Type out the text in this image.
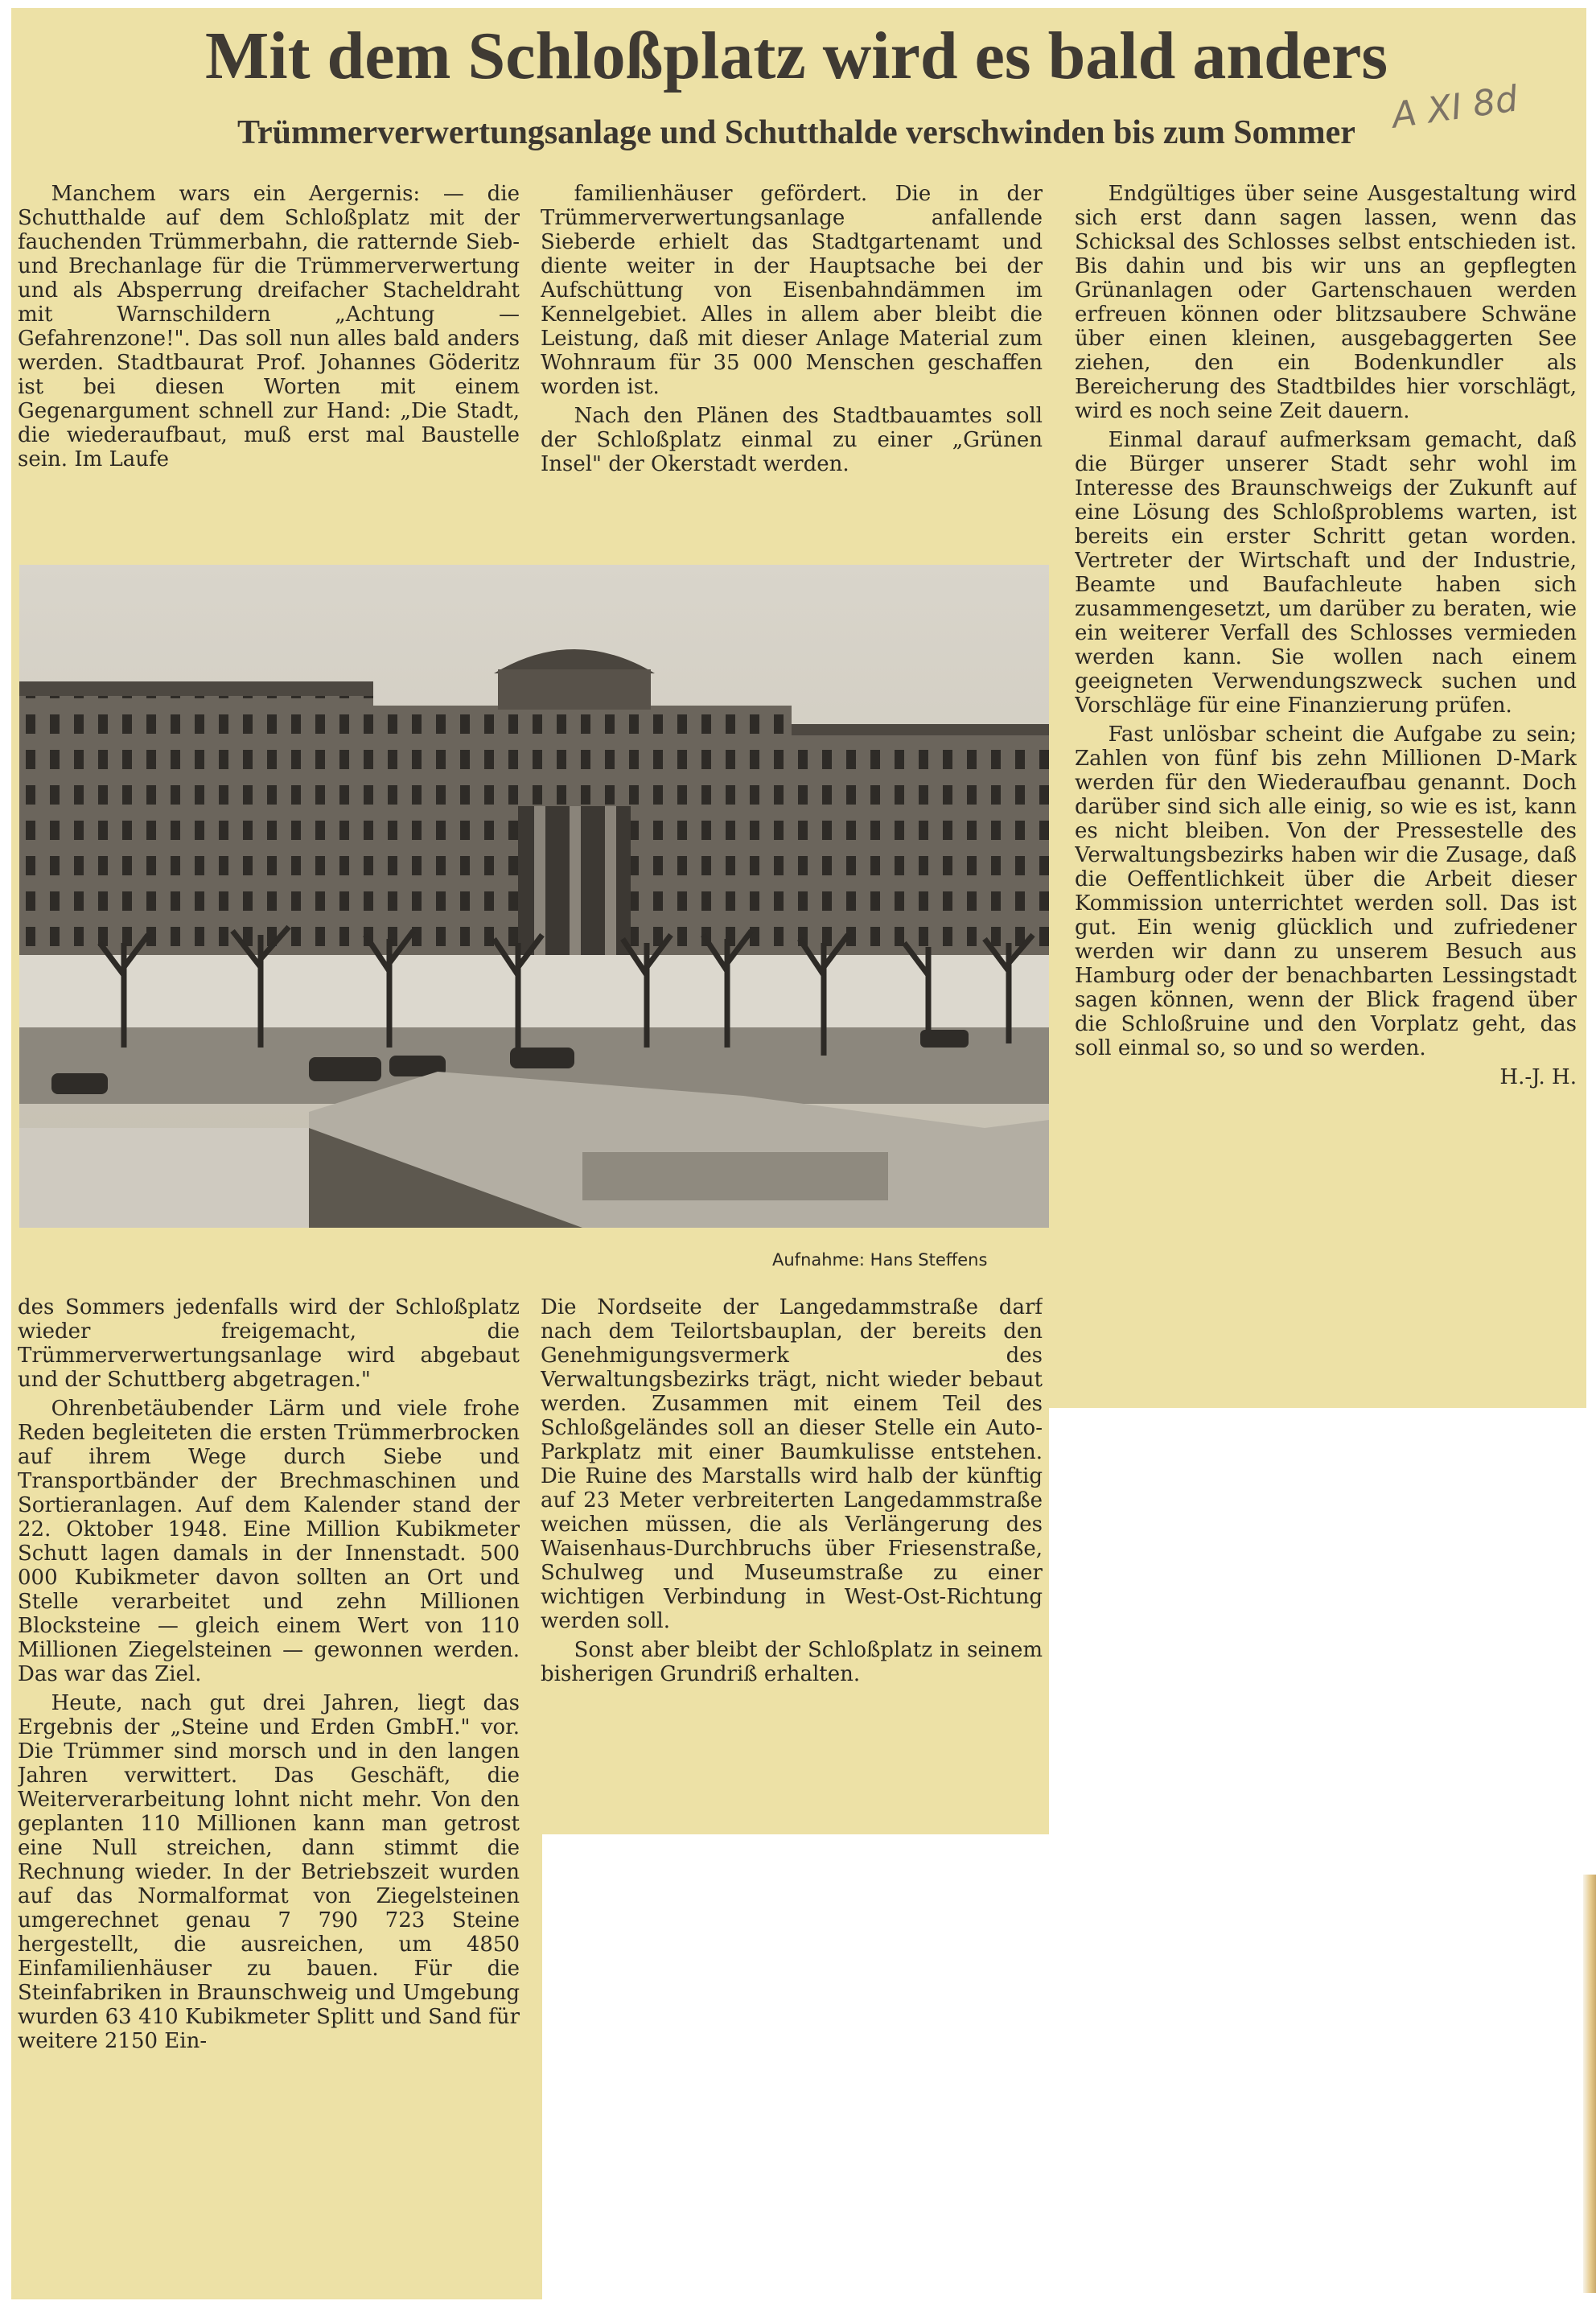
Mit dem Schloßplatz wird es bald anders
Trümmerverwertungsanlage und Schutthalde verschwinden bis zum Sommer A XI 8d

Manchem wars ein Aergernis: — die Schutthalde auf dem Schloßplatz mit der fauchenden Trümmerbahn, die ratternde Sieb- und Brechanlage für die Trümmerverwertung und als Absperrung dreifacher Stacheldraht mit Warnschildern „Achtung — Gefahrenzone!". Das soll nun alles bald anders werden. Stadtbaurat Prof. Johannes Göderitz ist bei diesen Worten mit einem Gegenargument schnell zur Hand: „Die Stadt, die wiederaufbaut, muß erst mal Baustelle sein. Im Laufe

familienhäuser gefördert. Die in der Trümmerverwertungsanlage anfallende Sieberde erhielt das Stadtgartenamt und diente weiter in der Hauptsache bei der Aufschüttung von Eisenbahndämmen im Kennelgebiet. Alles in allem aber bleibt die Leistung, daß mit dieser Anlage Material zum Wohnraum für 35 000 Menschen geschaffen worden ist.

Nach den Plänen des Stadtbauamtes soll der Schloßplatz einmal zu einer „Grünen Insel" der Okerstadt werden.

Endgültiges über seine Ausgestaltung wird sich erst dann sagen lassen, wenn das Schicksal des Schlosses selbst entschieden ist. Bis dahin und bis wir uns an gepflegten Grünanlagen oder Gartenschauen werden erfreuen können oder blitzsaubere Schwäne über einen kleinen, ausgebaggerten See ziehen, den ein Bodenkundler als Bereicherung des Stadtbildes hier vorschlägt, wird es noch seine Zeit dauern.

Einmal darauf aufmerksam gemacht, daß die Bürger unserer Stadt sehr wohl im Interesse des Braunschweigs der Zukunft auf eine Lösung des Schloßproblems warten, ist bereits ein erster Schritt getan worden. Vertreter der Wirtschaft und der Industrie, Beamte und Baufachleute haben sich zusammengesetzt, um darüber zu beraten, wie ein weiterer Verfall des Schlosses vermieden werden kann. Sie wollen nach einem geeigneten Verwendungszweck suchen und Vorschläge für eine Finanzierung prüfen.

Fast unlösbar scheint die Aufgabe zu sein; Zahlen von fünf bis zehn Millionen D-Mark werden für den Wiederaufbau genannt. Doch darüber sind sich alle einig, so wie es ist, kann es nicht bleiben. Von der Pressestelle des Verwaltungsbezirks haben wir die Zusage, daß die Oeffentlichkeit über die Arbeit dieser Kommission unterrichtet werden soll. Das ist gut. Ein wenig glücklich und zufriedener werden wir dann zu unserem Besuch aus Hamburg oder der benachbarten Lessingstadt sagen können, wenn der Blick fragend über die Schloßruine und den Vorplatz geht, das soll einmal so, so und so werden.

H.-J. H.

Aufnahme: Hans Steffens

des Sommers jedenfalls wird der Schloßplatz wieder freigemacht, die Trümmerverwertungsanlage wird abgebaut und der Schuttberg abgetragen."

Ohrenbetäubender Lärm und viele frohe Reden begleiteten die ersten Trümmerbrocken auf ihrem Wege durch Siebe und Transportbänder der Brechmaschinen und Sortieranlagen. Auf dem Kalender stand der 22. Oktober 1948. Eine Million Kubikmeter Schutt lagen damals in der Innenstadt. 500 000 Kubikmeter davon sollten an Ort und Stelle verarbeitet und zehn Millionen Blocksteine — gleich einem Wert von 110 Millionen Ziegelsteinen — gewonnen werden. Das war das Ziel.

Heute, nach gut drei Jahren, liegt das Ergebnis der „Steine und Erden GmbH." vor. Die Trümmer sind morsch und in den langen Jahren verwittert. Das Geschäft, die Weiterverarbeitung lohnt nicht mehr. Von den geplanten 110 Millionen kann man getrost eine Null streichen, dann stimmt die Rechnung wieder. In der Betriebszeit wurden auf das Normalformat von Ziegelsteinen umgerechnet genau 7 790 723 Steine hergestellt, die ausreichen, um 4850 Einfamilienhäuser zu bauen. Für die Steinfabriken in Braunschweig und Umgebung wurden 63 410 Kubikmeter Splitt und Sand für weitere 2150 Ein-

Die Nordseite der Langedammstraße darf nach dem Teilortsbauplan, der bereits den Genehmigungsvermerk des Verwaltungsbezirks trägt, nicht wieder bebaut werden. Zusammen mit einem Teil des Schloßgeländes soll an dieser Stelle ein Auto-Parkplatz mit einer Baumkulisse entstehen. Die Ruine des Marstalls wird halb der künftig auf 23 Meter verbreiterten Langedammstraße weichen müssen, die als Verlängerung des Waisenhaus-Durchbruchs über Friesenstraße, Schulweg und Museumstraße zu einer wichtigen Verbindung in West-Ost-Richtung werden soll.

Sonst aber bleibt der Schloßplatz in seinem bisherigen Grundriß erhalten.
